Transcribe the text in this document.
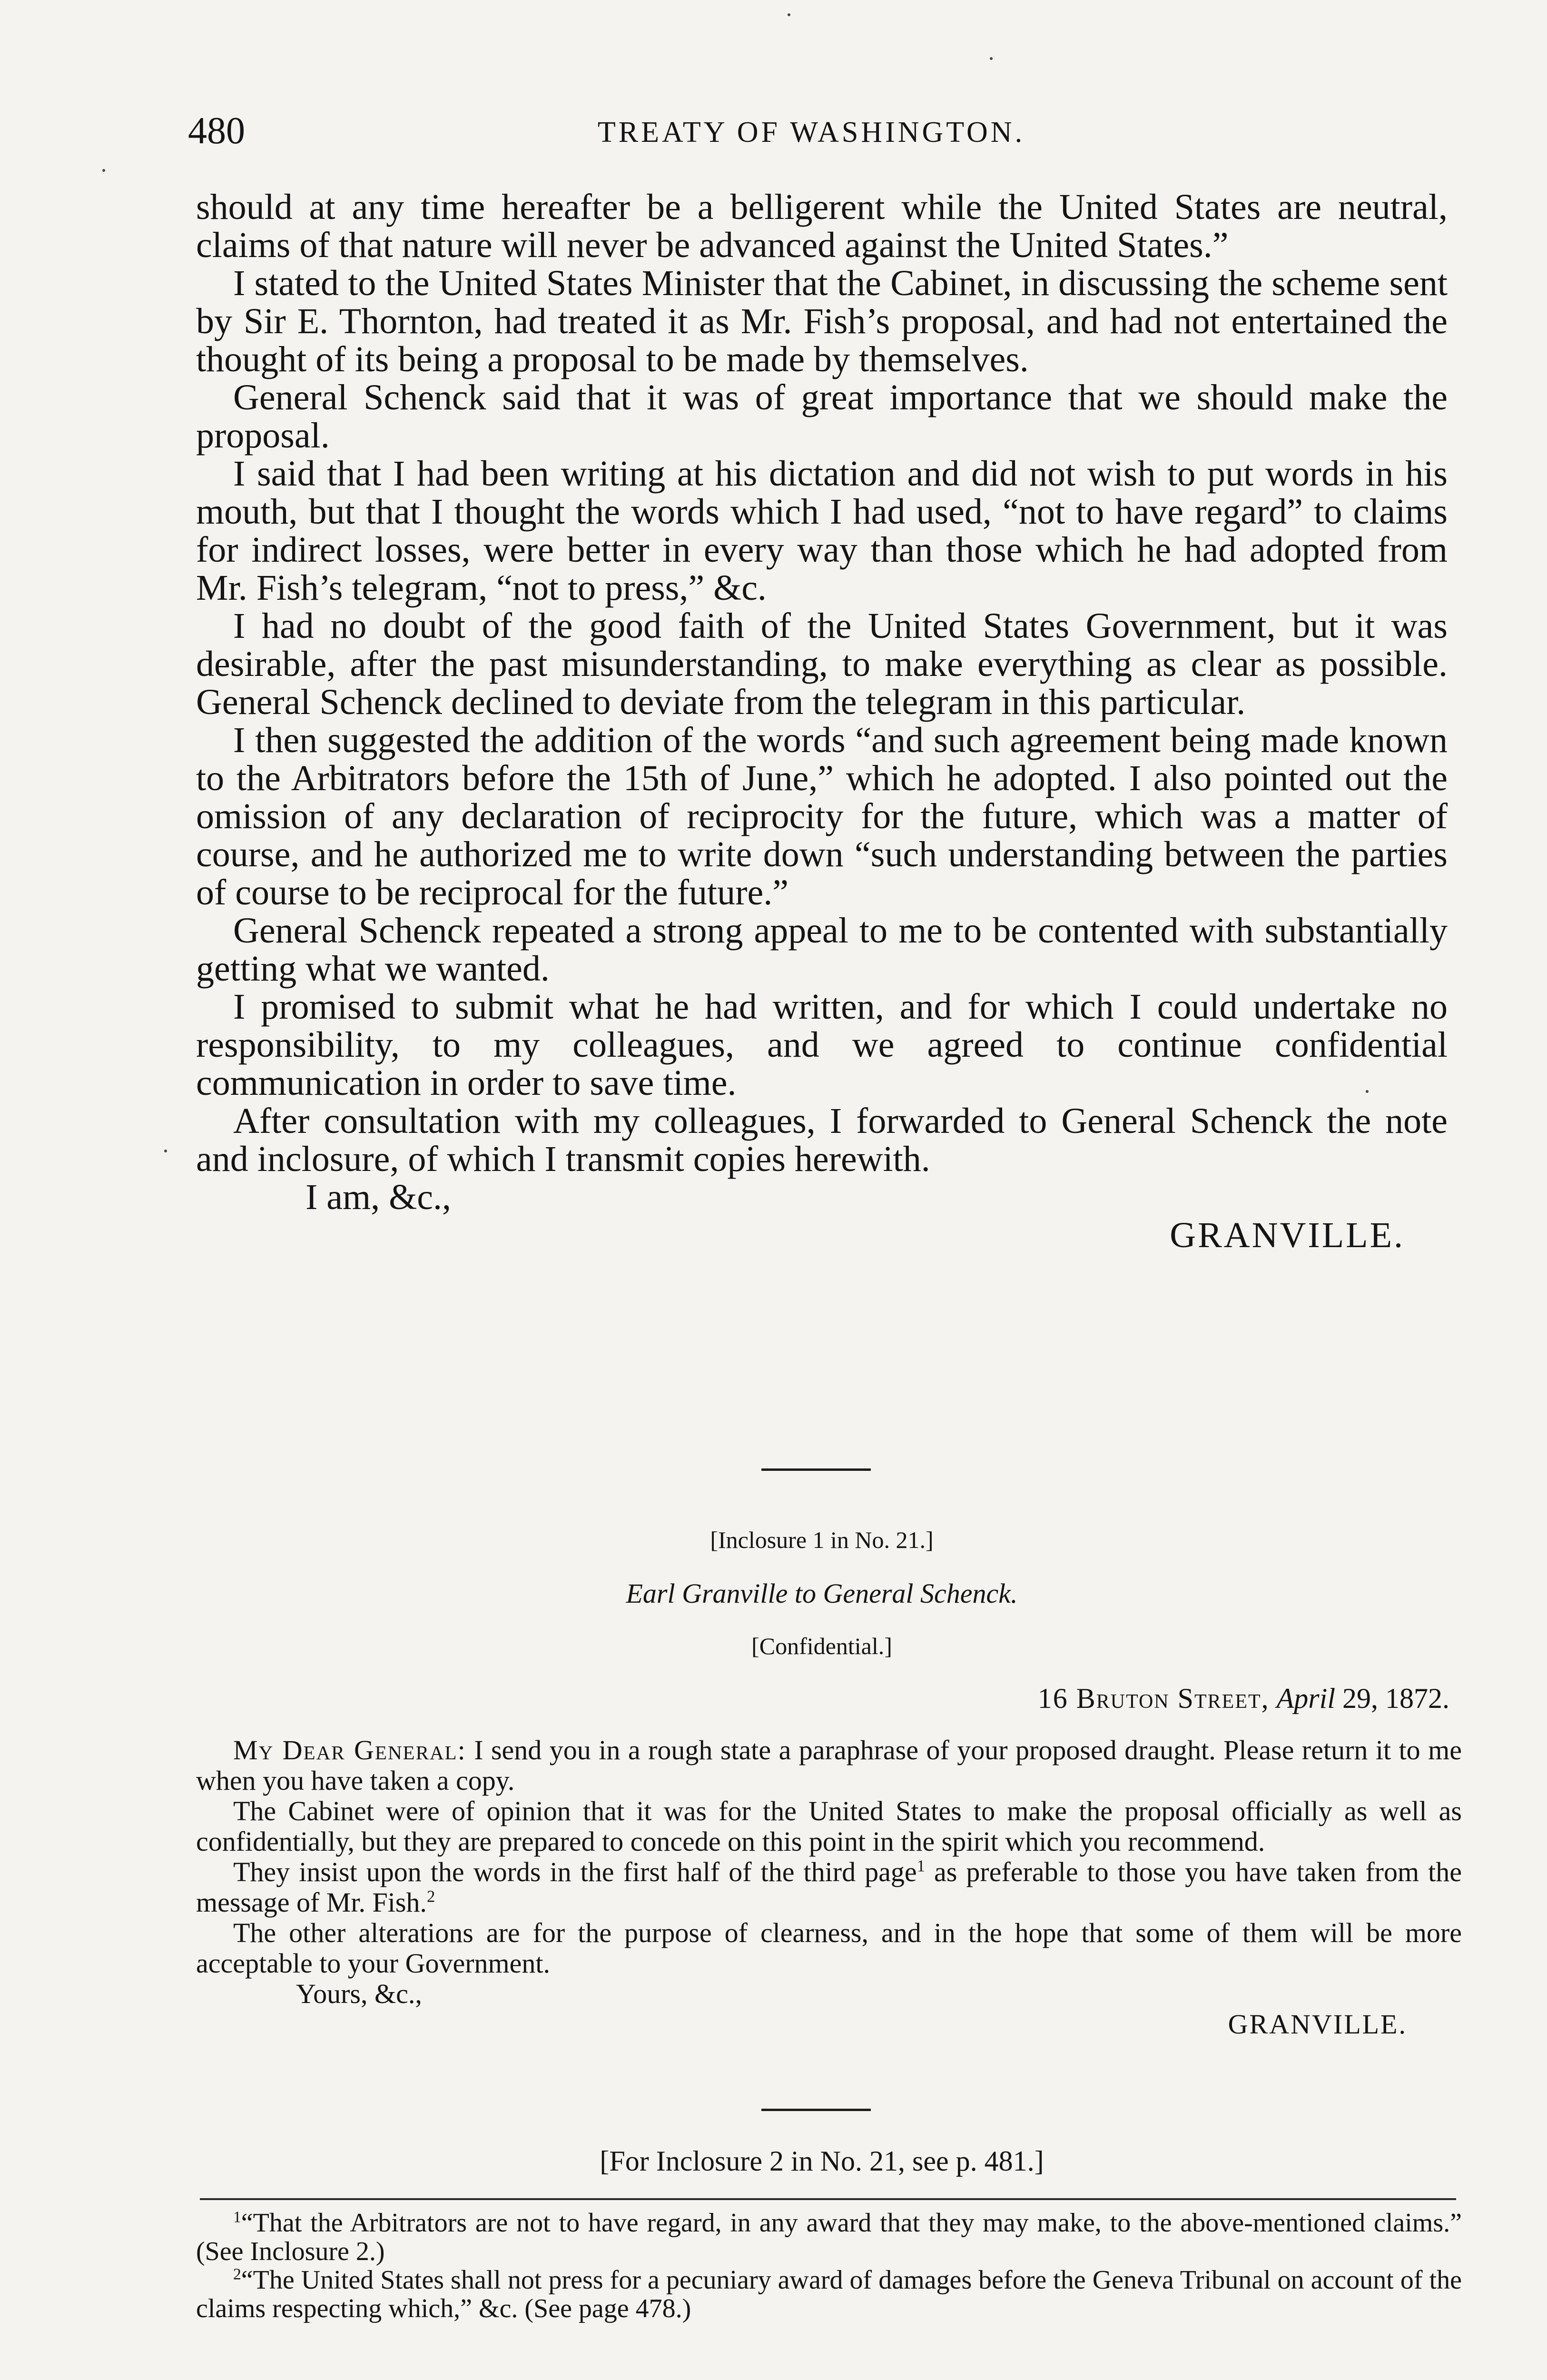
480	TREATY OF WASHINGTON.

should at any time hereafter be a belligerent while the United States are neutral, claims of that nature will never be advanced against the United States.”

I stated to the United States Minister that the Cabinet, in discussing the scheme sent by Sir E. Thornton, had treated it as Mr. Fish’s proposal, and had not entertained the thought of its being a proposal to be made by themselves.

General Schenck said that it was of great importance that we should make the proposal.

I said that I had been writing at his dictation and did not wish to put words in his mouth, but that I thought the words which I had used, “not to have regard” to claims for indirect losses, were better in every way than those which he had adopted from Mr. Fish’s telegram, “not to press,” &c.

I had no doubt of the good faith of the United States Government, but it was desirable, after the past misunderstanding, to make everything as clear as possible. General Schenck declined to deviate from the telegram in this particular.

I then suggested the addition of the words “and such agreement being made known to the Arbitrators before the 15th of June,” which he adopted. I also pointed out the omission of any declaration of reciprocity for the future, which was a matter of course, and he authorized me to write down “such understanding between the parties of course to be reciprocal for the future.”

General Schenck repeated a strong appeal to me to be contented with substantially getting what we wanted.

I promised to submit what he had written, and for which I could undertake no responsibility, to my colleagues, and we agreed to continue confidential communication in order to save time.

After consultation with my colleagues, I forwarded to General Schenck the note and inclosure, of which I transmit copies herewith.

I am, &c.,
GRANVILLE.
[Inclosure 1 in No. 21.]
Earl Granville to General Schenck.
[Confidential.]
16 Bruton Street, April 29, 1872.

My Dear General: I send you in a rough state a paraphrase of your proposed draught. Please return it to me when you have taken a copy.

The Cabinet were of opinion that it was for the United States to make the proposal officially as well as confidentially, but they are prepared to concede on this point in the spirit which you recommend.

They insist upon the words in the first half of the third page$^1$ as preferable to those you have taken from the message of Mr. Fish.$^2$

The other alterations are for the purpose of clearness, and in the hope that some of them will be more acceptable to your Government.

Yours, &c.,
GRANVILLE.
[For Inclosure 2 in No. 21, see p. 481.]

$^1$“That the Arbitrators are not to have regard, in any award that they may make, to the above-mentioned claims.” (See Inclosure 2.)

$^2$“The United States shall not press for a pecuniary award of damages before the Geneva Tribunal on account of the claims respecting which,” &c. (See page 478.)
